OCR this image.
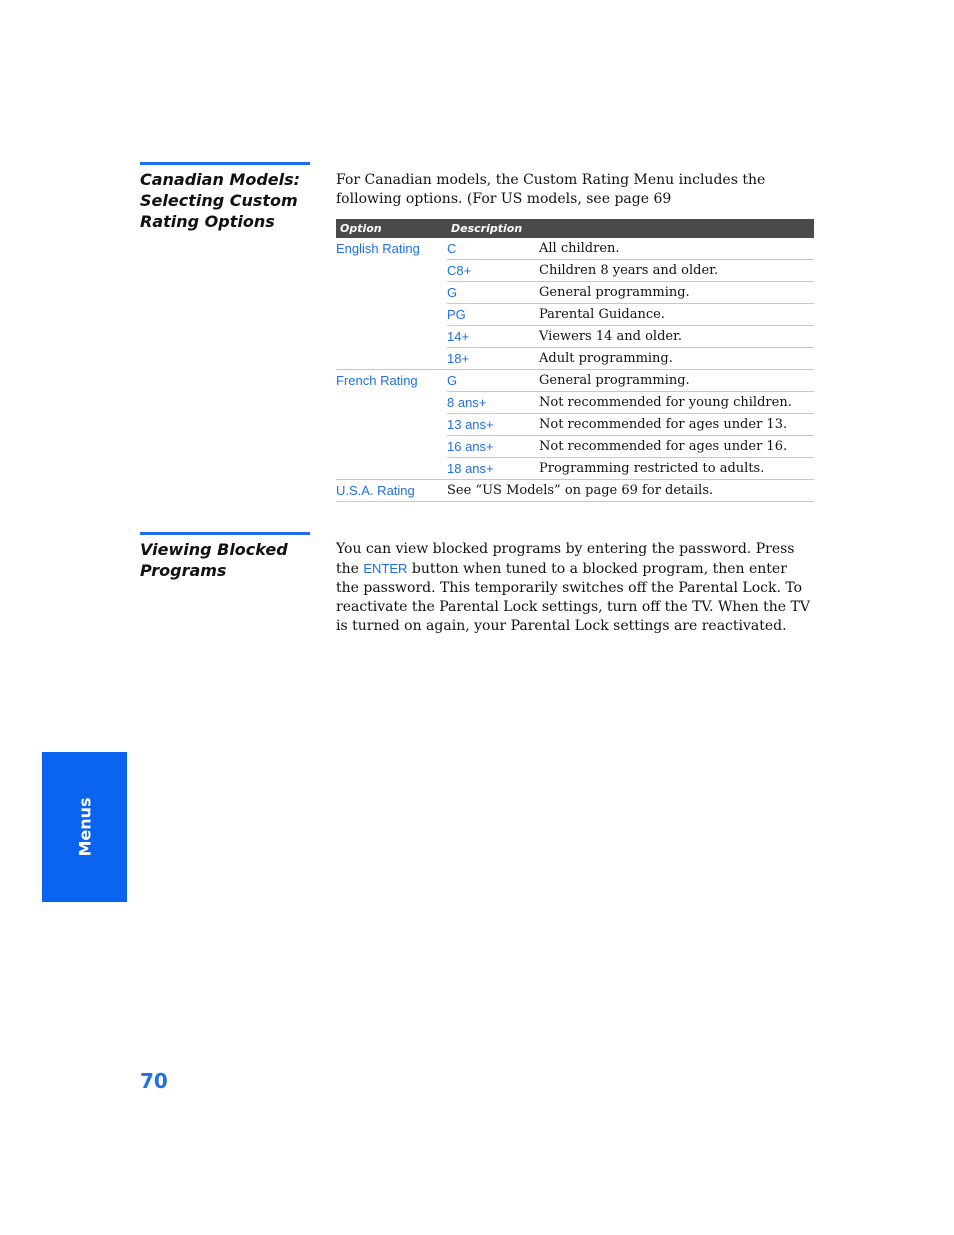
Canadian Models: Selecting Custom Rating Options

For Canadian models, the Custom Rating Menu includes the following options. (For US models, see page 69

Option	Description	
English Rating	C	All children.
	C8+	Children 8 years and older.
	G	General programming.
	PG	Parental Guidance.
	14+	Viewers 14 and older.
	18+	Adult programming.
French Rating	G	General programming.
	8 ans+	Not recommended for young children.
	13 ans+	Not recommended for ages under 13.
	16 ans+	Not recommended for ages under 16.
	18 ans+	Programming restricted to adults.
U.S.A. Rating	See “US Models” on page 69 for details.	
Viewing Blocked Programs

You can view blocked programs by entering the password. Press the ENTER button when tuned to a blocked program, then enter the password. This temporarily switches off the Parental Lock. To reactivate the Parental Lock settings, turn off the TV. When the TV is turned on again, your Parental Lock settings are reactivated.

Menus
70
